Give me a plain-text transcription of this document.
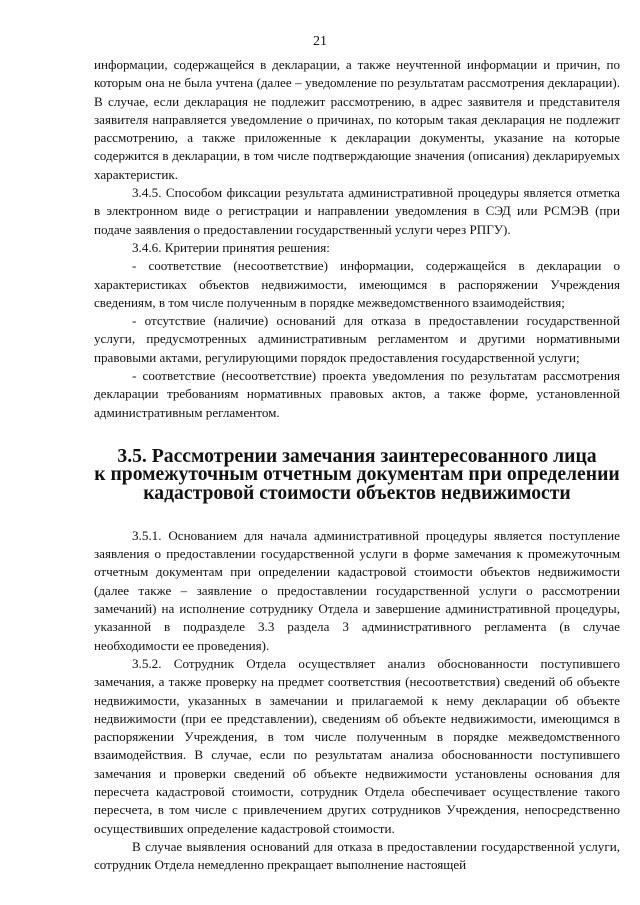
21

информации, содержащейся в декларации, а также неучтенной информации и причин, по которым она не была учтена (далее – уведомление по результатам рассмотрения декларации). В случае, если декларация не подлежит рассмотрению, в адрес заявителя и представителя заявителя направляется уведомление о причинах, по которым такая декларация не подлежит рассмотрению, а также приложенные к декларации документы, указание на которые содержится в декларации, в том числе подтверждающие значения (описания) декларируемых характеристик.

3.4.5. Способом фиксации результата административной процедуры является отметка в электронном виде о регистрации и направлении уведомления в СЭД или РСМЭВ (при подаче заявления о предоставлении государственный услуги через РПГУ).

3.4.6. Критерии принятия решения:

- соответствие (несоответствие) информации, содержащейся в декларации о характеристиках объектов недвижимости, имеющимся в распоряжении Учреждения сведениям, в том числе полученным в порядке межведомственного взаимодействия;

- отсутствие (наличие) оснований для отказа в предоставлении государственной услуги, предусмотренных административным регламентом и другими нормативными правовыми актами, регулирующими порядок предоставления государственной услуги;

- соответствие (несоответствие) проекта уведомления по результатам рассмотрения декларации требованиям нормативных правовых актов, а также форме, установленной административным регламентом.

3.5. Рассмотрении замечания заинтересованного лица
к промежуточным отчетным документам при определении
кадастровой стоимости объектов недвижимости

3.5.1. Основанием для начала административной процедуры является поступление заявления о предоставлении государственной услуги в форме замечания к промежуточным отчетным документам при определении кадастровой стоимости объектов недвижимости (далее также – заявление о предоставлении государственной услуги о рассмотрении замечаний) на исполнение сотруднику Отдела и завершение административной процедуры, указанной в подразделе 3.3 раздела 3 административного регламента (в случае необходимости ее проведения).

3.5.2. Сотрудник Отдела осуществляет анализ обоснованности поступившего замечания, а также проверку на предмет соответствия (несоответствия) сведений об объекте недвижимости, указанных в замечании и прилагаемой к нему декларации об объекте недвижимости (при ее представлении), сведениям об объекте недвижимости, имеющимся в распоряжении Учреждения, в том числе полученным в порядке межведомственного взаимодействия. В случае, если по результатам анализа обоснованности поступившего замечания и проверки сведений об объекте недвижимости установлены основания для пересчета кадастровой стоимости, сотрудник Отдела обеспечивает осуществление такого пересчета, в том числе с привлечением других сотрудников Учреждения, непосредственно осуществивших определение кадастровой стоимости.

В случае выявления оснований для отказа в предоставлении государственной услуги, сотрудник Отдела немедленно прекращает выполнение настоящей
